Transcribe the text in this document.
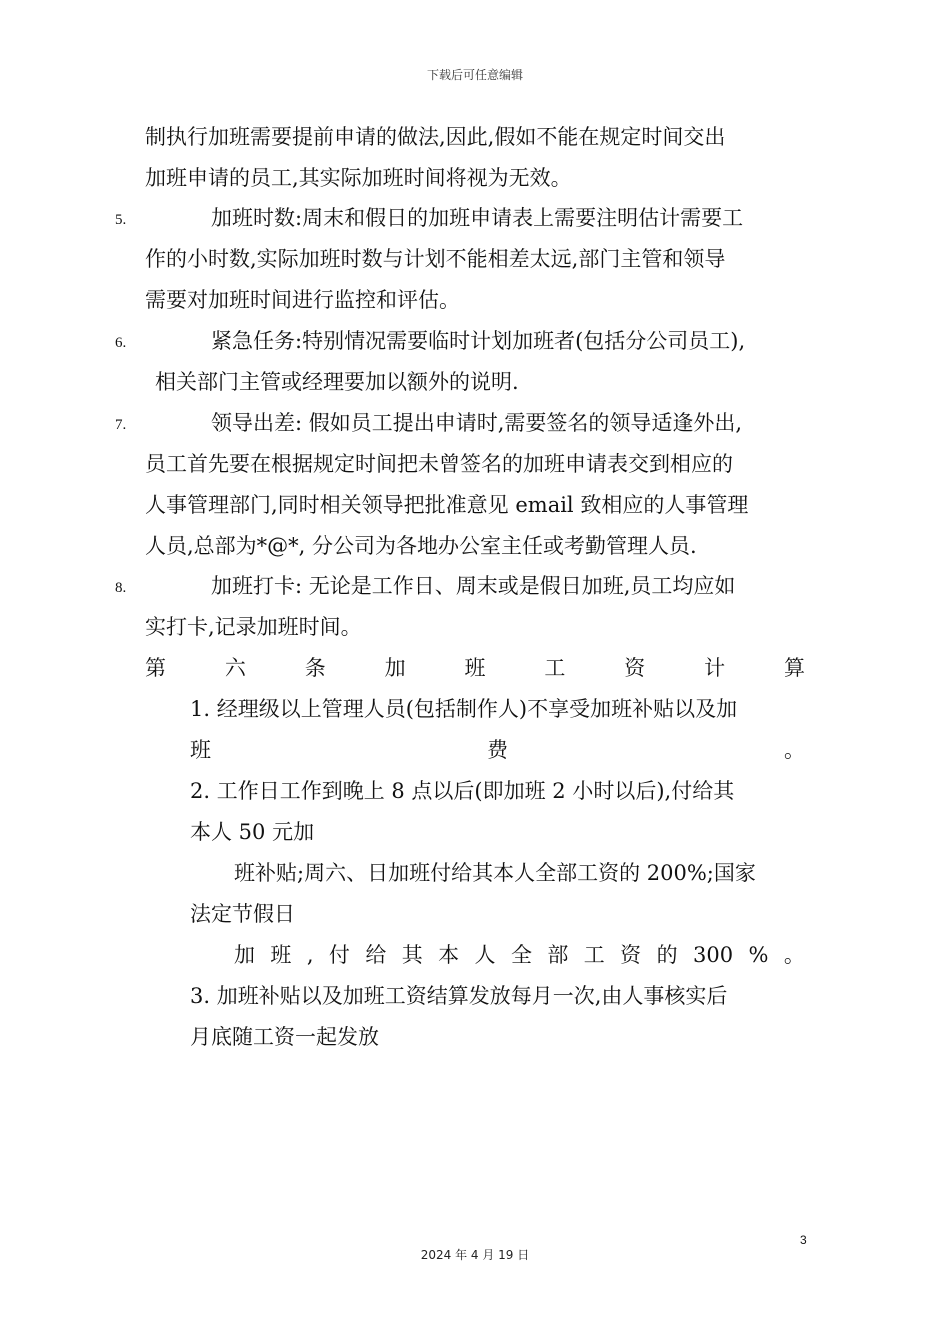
下载后可任意编辑
制执行加班需要提前申请的做法,因此,假如不能在规定时间交出
加班申请的员工,其实际加班时间将视为无效。
5.	加班时数:周末和假日的加班申请表上需要注明估计需要工
作的小时数,实际加班时数与计划不能相差太远,部门主管和领导
需要对加班时间进行监控和评估。
6.	紧急任务:特别情况需要临时计划加班者(包括分公司员工),
相关部门主管或经理要加以额外的说明.
7.	领导出差: 假如员工提出申请时,需要签名的领导适逢外出,
员工首先要在根据规定时间把未曾签名的加班申请表交到相应的
人事管理部门,同时相关领导把批准意见 email 致相应的人事管理
人员,总部为*@*, 分公司为各地办公室主任或考勤管理人员.
8.	加班打卡: 无论是工作日、周末或是假日加班,员工均应如
实打卡,记录加班时间。
第	六	条	加	班	工	资	计	算
1. 经理级以上管理人员(包括制作人)不享受加班补贴以及加
班	费	。
2. 工作日工作到晚上 8 点以后(即加班 2 小时以后),付给其
本人 50 元加
班补贴;周六、日加班付给其本人全部工资的 200%;国家
法定节假日
加 班 , 付 给 其 本 人 全 部 工 资 的 300 % 。
3. 加班补贴以及加班工资结算发放每月一次,由人事核实后
月底随工资一起发放
3
2024 年 4 月 19 日
